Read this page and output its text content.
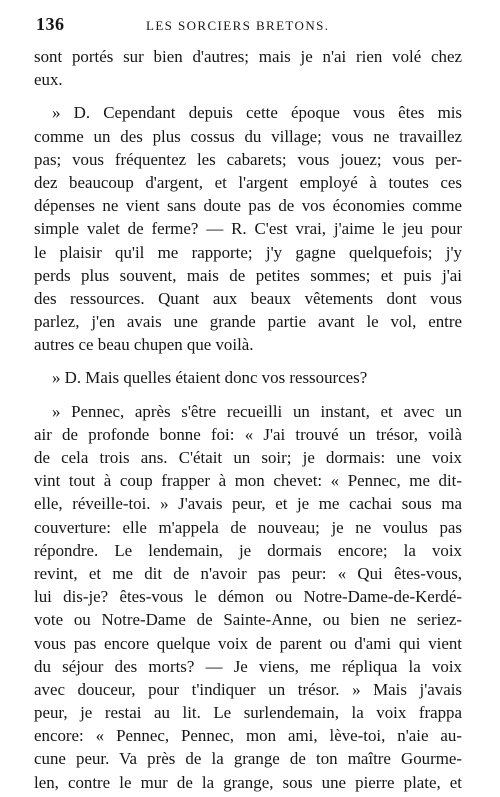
136	LES SORCIERS BRETONS.
sont portés sur bien d'autres; mais je n'ai rien volé chez
eux.
» D. Cependant depuis cette époque vous êtes mis
comme un des plus cossus du village; vous ne travaillez
pas; vous fréquentez les cabarets; vous jouez; vous per-
dez beaucoup d'argent, et l'argent employé à toutes ces
dépenses ne vient sans doute pas de vos économies comme
simple valet de ferme? — R. C'est vrai, j'aime le jeu pour
le plaisir qu'il me rapporte; j'y gagne quelquefois; j'y
perds plus souvent, mais de petites sommes; et puis j'ai
des ressources. Quant aux beaux vêtements dont vous
parlez, j'en avais une grande partie avant le vol, entre
autres ce beau chupen que voilà.
» D. Mais quelles étaient donc vos ressources?
» Pennec, après s'être recueilli un instant, et avec un
air de profonde bonne foi: « J'ai trouvé un trésor, voilà
de cela trois ans. C'était un soir; je dormais: une voix
vint tout à coup frapper à mon chevet: « Pennec, me dit-
elle, réveille-toi. » J'avais peur, et je me cachai sous ma
couverture: elle m'appela de nouveau; je ne voulus pas
répondre. Le lendemain, je dormais encore; la voix
revint, et me dit de n'avoir pas peur: « Qui êtes-vous,
lui dis-je? êtes-vous le démon ou Notre-Dame-de-Kerdé-
vote ou Notre-Dame de Sainte-Anne, ou bien ne seriez-
vous pas encore quelque voix de parent ou d'ami qui vient
du séjour des morts? — Je viens, me répliqua la voix
avec douceur, pour t'indiquer un trésor. » Mais j'avais
peur, je restai au lit. Le surlendemain, la voix frappa
encore: « Pennec, Pennec, mon ami, lève-toi, n'aie au-
cune peur. Va près de la grange de ton maître Gourme-
len, contre le mur de la grange, sous une pierre plate, et
